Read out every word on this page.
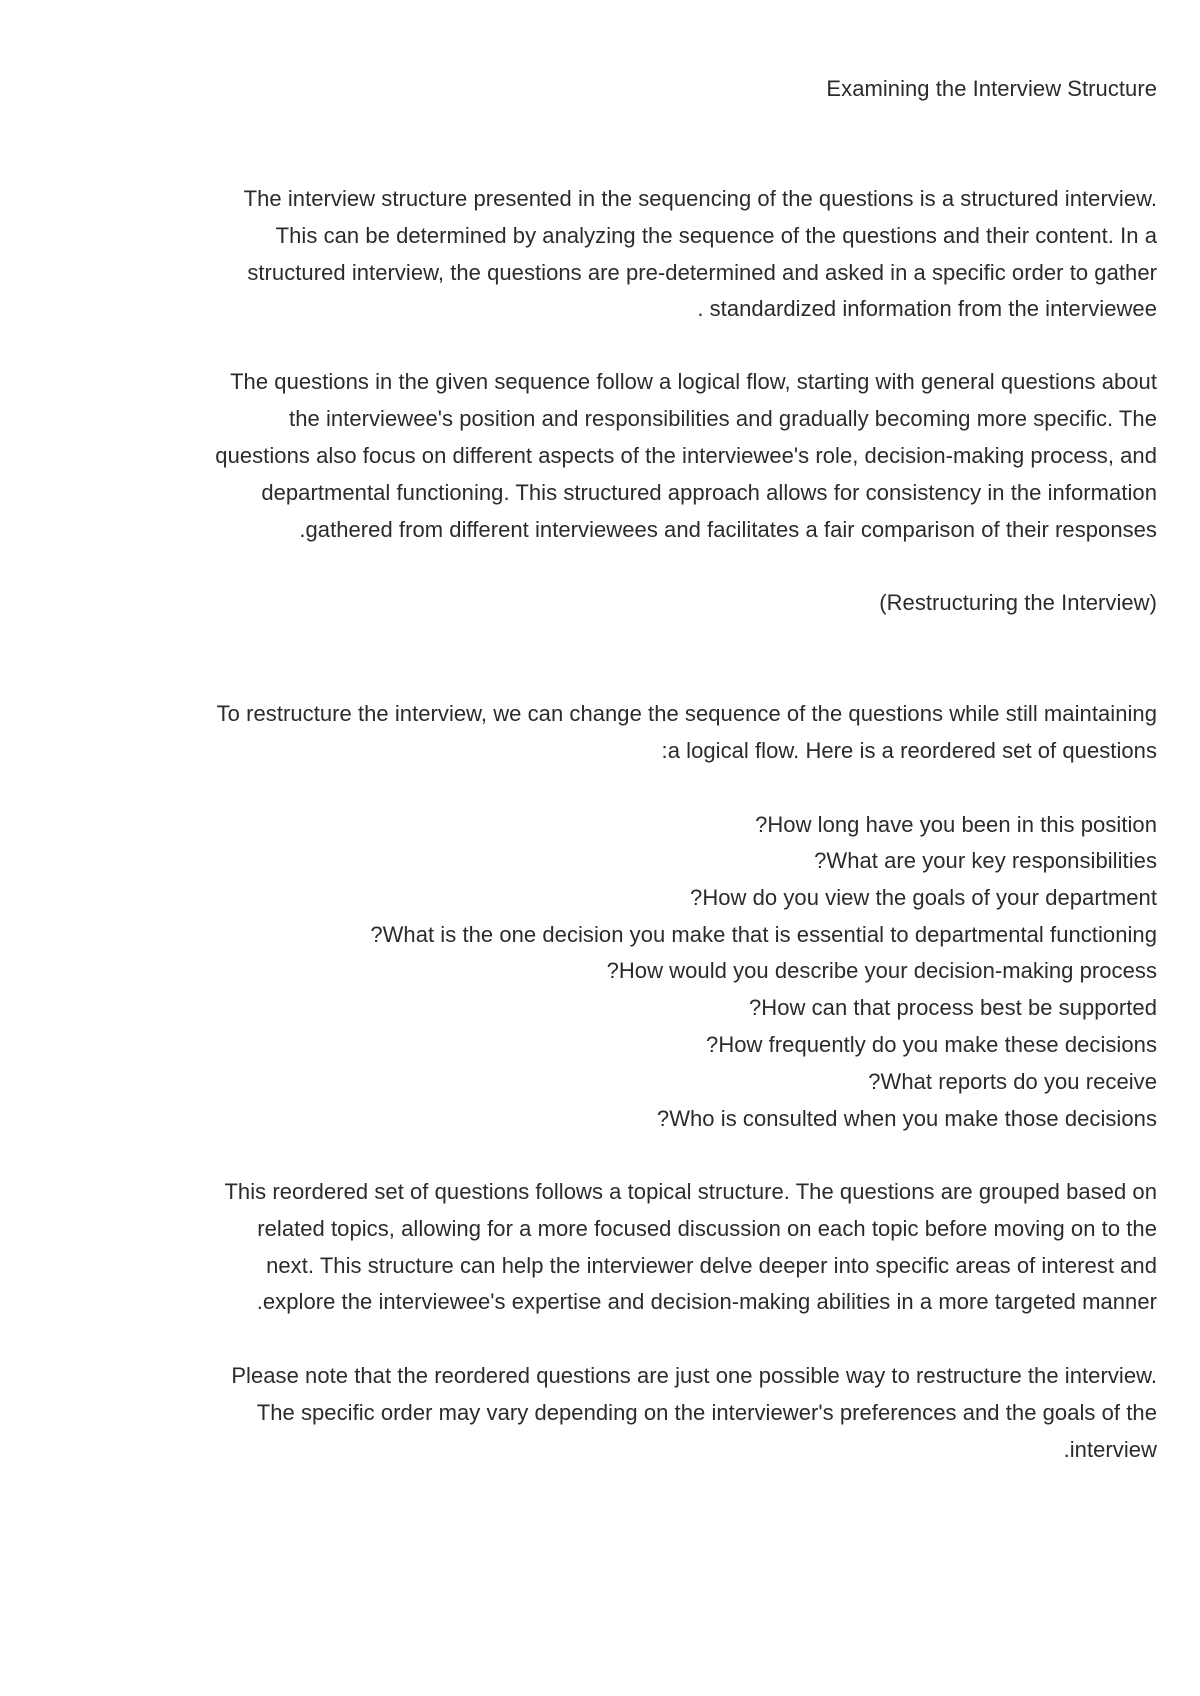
Examining the Interview Structure
The interview structure presented in the sequencing of the questions is a structured interview.
This can be determined by analyzing the sequence of the questions and their content. In a
structured interview, the questions are pre-determined and asked in a specific order to gather
. standardized information from the interviewee
The questions in the given sequence follow a logical flow, starting with general questions about
the interviewee's position and responsibilities and gradually becoming more specific. The
questions also focus on different aspects of the interviewee's role, decision-making process, and
departmental functioning. This structured approach allows for consistency in the information
.gathered from different interviewees and facilitates a fair comparison of their responses
(Restructuring the Interview)
To restructure the interview, we can change the sequence of the questions while still maintaining
:a logical flow. Here is a reordered set of questions
?How long have you been in this position
?What are your key responsibilities
?How do you view the goals of your department
?What is the one decision you make that is essential to departmental functioning
?How would you describe your decision-making process
?How can that process best be supported
?How frequently do you make these decisions
?What reports do you receive
?Who is consulted when you make those decisions
This reordered set of questions follows a topical structure. The questions are grouped based on
related topics, allowing for a more focused discussion on each topic before moving on to the
next. This structure can help the interviewer delve deeper into specific areas of interest and
.explore the interviewee's expertise and decision-making abilities in a more targeted manner
Please note that the reordered questions are just one possible way to restructure the interview.
The specific order may vary depending on the interviewer's preferences and the goals of the
.interview
